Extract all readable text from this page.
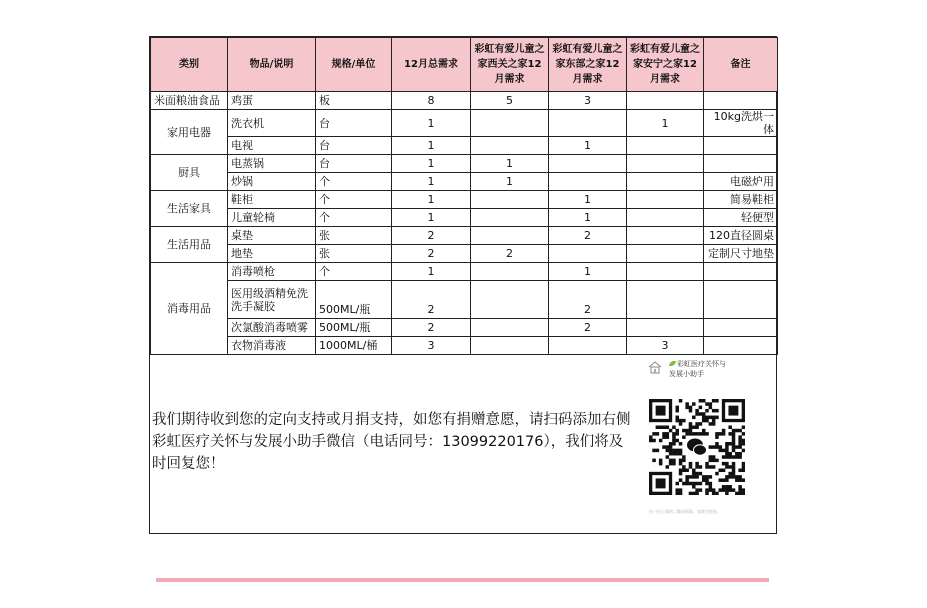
类别	物品/说明	规格/单位	12月总需求	彩虹有爱儿童之家西关之家12月需求	彩虹有爱儿童之家东部之家12月需求	彩虹有爱儿童之家安宁之家12月需求	备注
米面粮油食品	鸡蛋	板	8	5	3		
家用电器	洗衣机	台	1			1	10kg洗烘一体
	电视	台	1		1		
厨具	电蒸锅	台	1	1			
	炒锅	个	1	1			电磁炉用
生活家具	鞋柜	个	1		1		简易鞋柜
	儿童轮椅	个	1		1		轻便型
生活用品	桌垫	张	2		2		120直径圆桌
	地垫	张	2	2			定制尺寸地垫
消毒用品	消毒喷枪	个	1		1		
	医用级酒精免洗洗手凝胶	500ML/瓶	2		2		
	次氯酸消毒喷雾	500ML/瓶	2		2		
	衣物消毒液	1000ML/桶	3			3	
我们期待收到您的定向支持或月捐支持，如您有捐赠意愿，请扫码添加右侧彩虹医疗关怀与发展小助手微信（电话同号：13099220176），我们将及时回复您！
彩虹医疗关怀与
发展小助手
扫一扫上面的二维码图案，加我为朋友。
